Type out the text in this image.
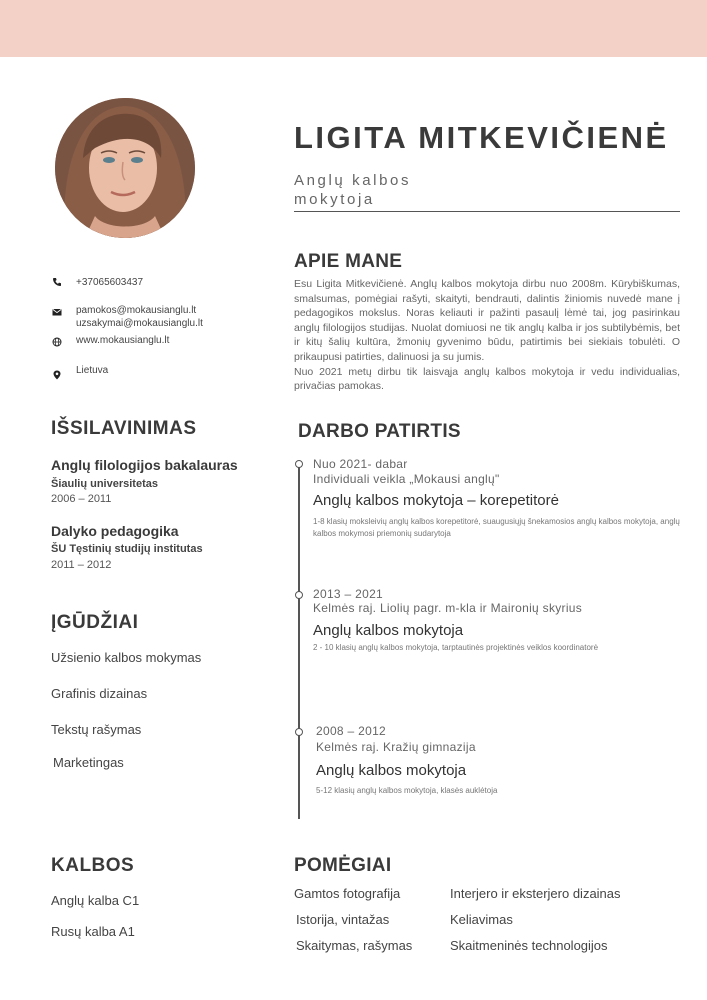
LIGITA MITKEVIČIENĖ
Anglų kalbos
mokytoja
+37065603437
pamokos@mokausianglu.lt
uzsakymai@mokausianglu.lt
www.mokausianglu.lt
Lietuva
APIE MANE

Esu Ligita Mitkevičienė. Anglų kalbos mokytoja dirbu nuo 2008m. Kūrybiškumas, smalsumas, pomėgiai rašyti, skaityti, bendrauti, dalintis žiniomis nuvedė mane į pedagogikos mokslus. Noras keliauti ir pažinti pasaulį lėmė tai, jog pasirinkau anglų filologijos studijas. Nuolat domiuosi ne tik anglų kalba ir jos subtilybėmis, bet ir kitų šalių kultūra, žmonių gyvenimo būdu, patirtimis bei siekiais tobulėti. O prikaupusi patirties, dalinuosi ja su jumis.

Nuo 2021 metų dirbu tik laisvąja anglų kalbos mokytoja ir vedu individualias, privačias pamokas.

IŠSILAVINIMAS
Anglų filologijos bakalauras
Šiaulių universitetas
2006 – 2011
Dalyko pedagogika
ŠU Tęstinių studijų institutas
2011 – 2012
ĮGŪDŽIAI
Užsienio kalbos mokymas
Grafinis dizainas
Tekstų rašymas
Marketingas
DARBO PATIRTIS
Nuo 2021- dabar
Individuali veikla „Mokausi anglų"
Anglų kalbos mokytoja – korepetitorė
1-8 klasių moksleivių anglų kalbos korepetitorė, suaugusiųjų šnekamosios anglų kalbos mokytoja, anglų kalbos mokymosi priemonių sudarytoja
2013 – 2021
Kelmės raj. Liolių pagr. m-kla ir Maironių skyrius
Anglų kalbos mokytoja
2 - 10 klasių anglų kalbos mokytoja, tarptautinės projektinės veiklos koordinatorė
2008 – 2012
Kelmės raj. Kražių gimnazija
Anglų kalbos mokytoja
5-12 klasių anglų kalbos mokytoja, klasės auklėtoja
KALBOS
Anglų kalba C1
Rusų kalba A1
POMĖGIAI
Gamtos fotografija
Istorija, vintažas
Skaitymas, rašymas
Interjero ir eksterjero dizainas
Keliavimas
Skaitmeninės technologijos
